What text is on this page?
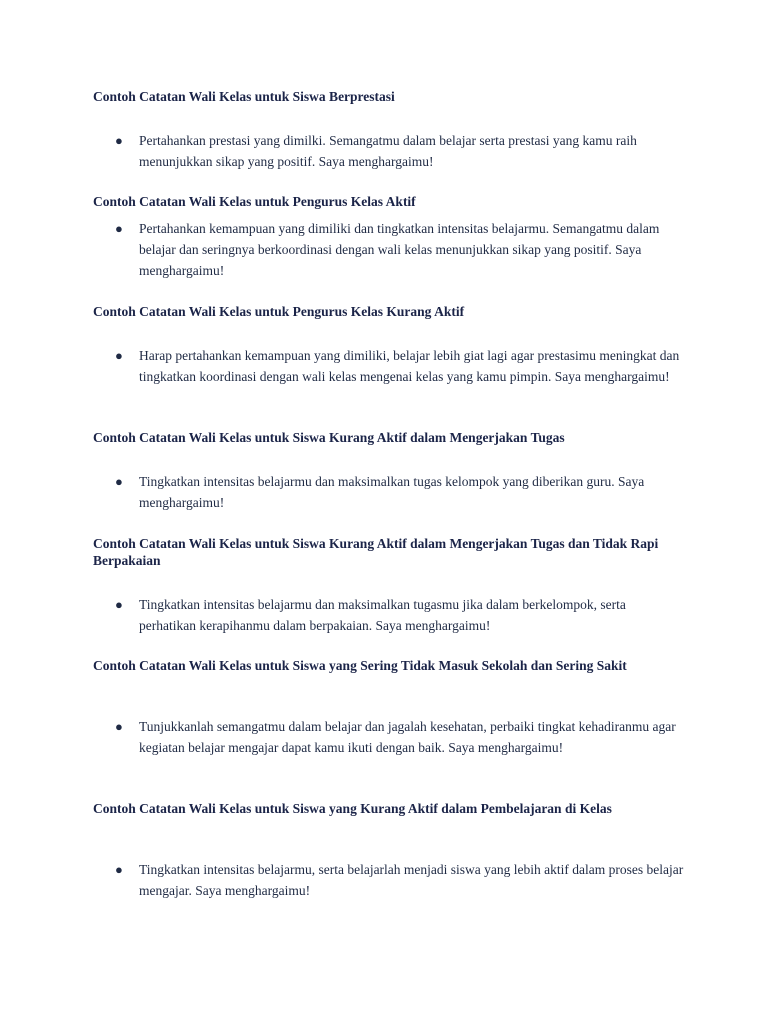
Contoh Catatan Wali Kelas untuk Siswa Berprestasi
● Pertahankan prestasi yang dimilki. Semangatmu dalam belajar serta prestasi yang kamu raih menunjukkan sikap yang positif. Saya menghargaimu!
Contoh Catatan Wali Kelas untuk Pengurus Kelas Aktif
● Pertahankan kemampuan yang dimiliki dan tingkatkan intensitas belajarmu. Semangatmu dalam belajar dan seringnya berkoordinasi dengan wali kelas menunjukkan sikap yang positif. Saya menghargaimu!
Contoh Catatan Wali Kelas untuk Pengurus Kelas Kurang Aktif
● Harap pertahankan kemampuan yang dimiliki, belajar lebih giat lagi agar prestasimu meningkat dan tingkatkan koordinasi dengan wali kelas mengenai kelas yang kamu pimpin. Saya menghargaimu!
Contoh Catatan Wali Kelas untuk Siswa Kurang Aktif dalam Mengerjakan Tugas
● Tingkatkan intensitas belajarmu dan maksimalkan tugas kelompok yang diberikan guru. Saya menghargaimu!
Contoh Catatan Wali Kelas untuk Siswa Kurang Aktif dalam Mengerjakan Tugas dan Tidak Rapi Berpakaian
● Tingkatkan intensitas belajarmu dan maksimalkan tugasmu jika dalam berkelompok, serta perhatikan kerapihanmu dalam berpakaian. Saya menghargaimu!
Contoh Catatan Wali Kelas untuk Siswa yang Sering Tidak Masuk Sekolah dan Sering Sakit
● Tunjukkanlah semangatmu dalam belajar dan jagalah kesehatan, perbaiki tingkat kehadiranmu agar kegiatan belajar mengajar dapat kamu ikuti dengan baik. Saya menghargaimu!
Contoh Catatan Wali Kelas untuk Siswa yang Kurang Aktif dalam Pembelajaran di Kelas
● Tingkatkan intensitas belajarmu, serta belajarlah menjadi siswa yang lebih aktif dalam proses belajar mengajar. Saya menghargaimu!
